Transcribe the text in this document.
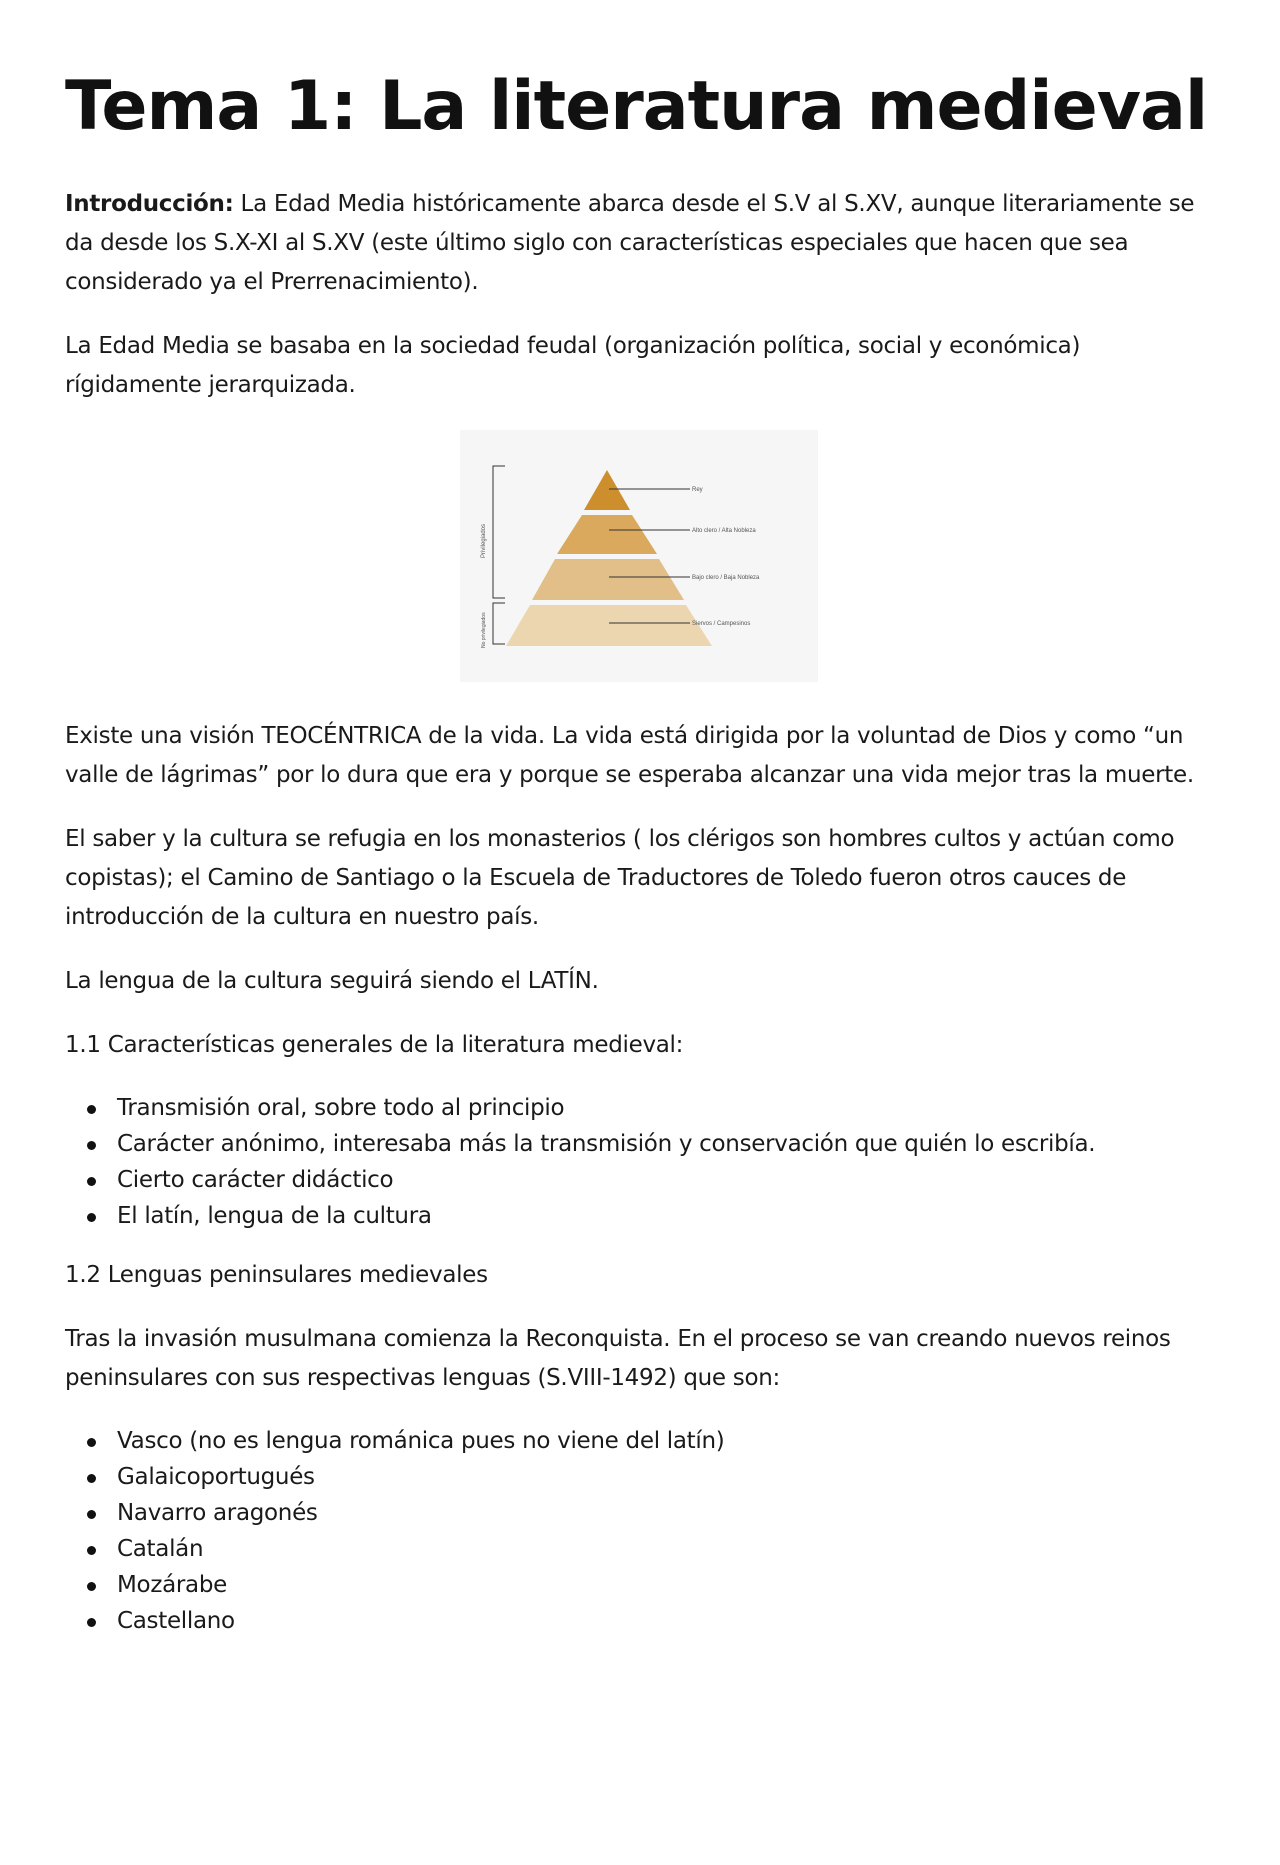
Tema 1: La literatura medieval

Introducción: La Edad Media históricamente abarca desde el S.V al S.XV, aunque literariamente se da desde los S.X-XI al S.XV (este último siglo con características especiales que hacen que sea considerado ya el Prerrenacimiento).

La Edad Media se basaba en la sociedad feudal (organización política, social y económica) rígidamente jerarquizada.

Rey
Alto clero / Alta Nobleza
Bajo clero / Baja Nobleza
Siervos / Campesinos
Privilegiados
No privilegiados

Existe una visión TEOCÉNTRICA de la vida. La vida está dirigida por la voluntad de Dios y como “un valle de lágrimas” por lo dura que era y porque se esperaba alcanzar una vida mejor tras la muerte.

El saber y la cultura se refugia en los monasterios ( los clérigos son hombres cultos y actúan como copistas); el Camino de Santiago o la Escuela de Traductores de Toledo fueron otros cauces de introducción de la cultura en nuestro país.

La lengua de la cultura seguirá siendo el LATÍN.

1.1 Características generales de la literatura medieval:

Transmisión oral, sobre todo al principio
Carácter anónimo, interesaba más la transmisión y conservación que quién lo escribía.
Cierto carácter didáctico
El latín, lengua de la cultura

1.2 Lenguas peninsulares medievales

Tras la invasión musulmana comienza la Reconquista. En el proceso se van creando nuevos reinos peninsulares con sus respectivas lenguas (S.VIII-1492) que son:

Vasco (no es lengua románica pues no viene del latín)
Galaicoportugués
Navarro aragonés
Catalán
Mozárabe
Castellano
